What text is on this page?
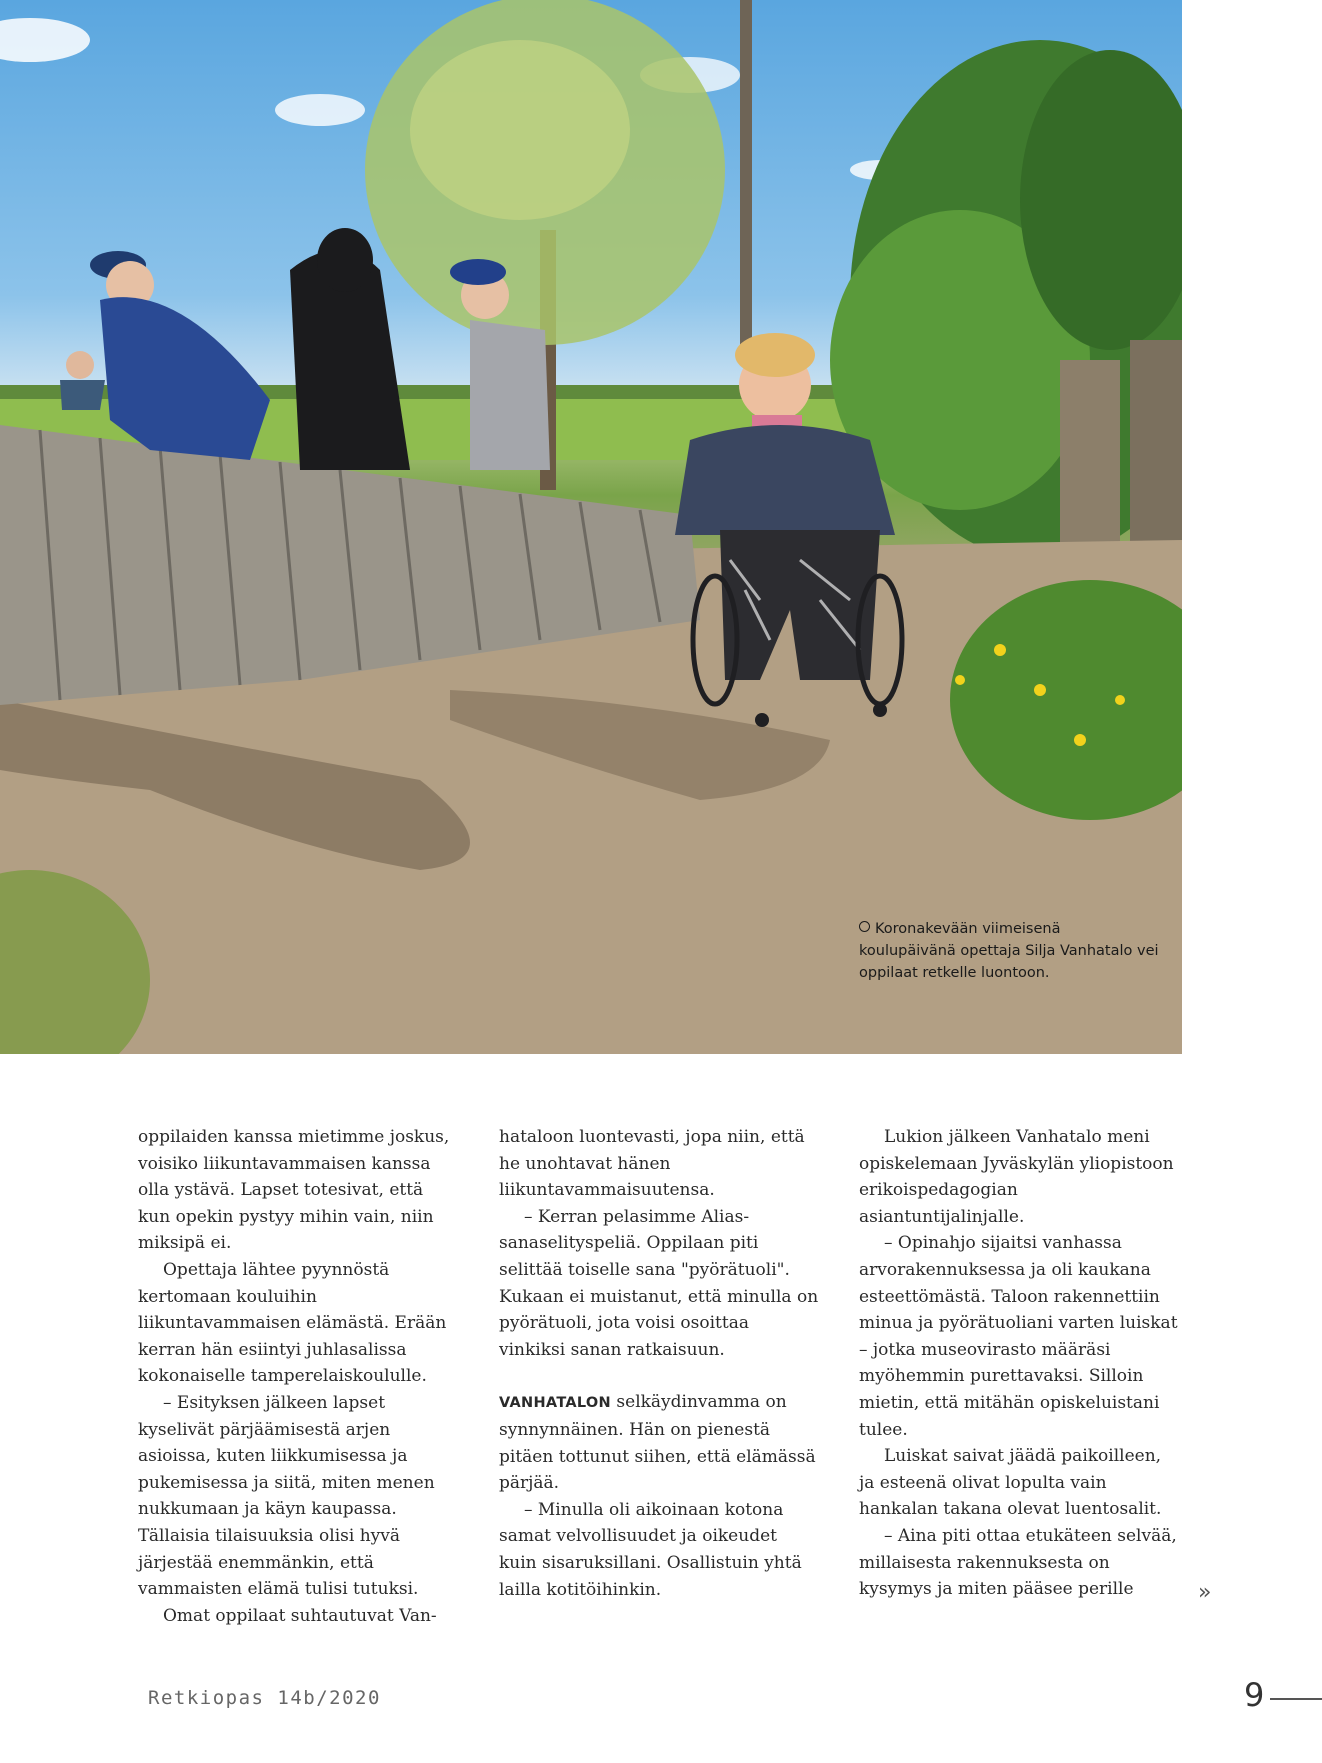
Koronakevään viimeisenä koulupäivänä opettaja Silja Vanhatalo vei oppilaat retkelle luontoon.

oppilaiden kanssa mietimme joskus, voisiko liikuntavammaisen kanssa olla ystävä. Lapset totesivat, että kun opekin pystyy mihin vain, niin miksipä ei.

Opettaja lähtee pyynnöstä kertomaan kouluihin liikuntavammaisen elämästä. Erään kerran hän esiintyi juhlasalissa kokonaiselle tamperelaiskoululle.

– Esityksen jälkeen lapset kyselivät pärjäämisestä arjen asioissa, kuten liikkumisessa ja pukemisessa ja siitä, miten menen nukkumaan ja käyn kaupassa. Tällaisia tilaisuuksia olisi hyvä järjestää enemmänkin, että vammaisten elämä tulisi tutuksi.

Omat oppilaat suhtautuvat Van-

hataloon luontevasti, jopa niin, että he unohtavat hänen liikuntavammaisuutensa.

– Kerran pelasimme Alias-sanaselityspeliä. Oppilaan piti selittää toiselle sana "pyörätuoli". Kukaan ei muistanut, että minulla on pyörätuoli, jota voisi osoittaa vinkiksi sanan ratkaisuun.

VANHATALON selkäydinvamma on synnynnäinen. Hän on pienestä pitäen tottunut siihen, että elämässä pärjää.

– Minulla oli aikoinaan kotona samat velvollisuudet ja oikeudet kuin sisaruksillani. Osallistuin yhtä lailla kotitöihinkin.

Lukion jälkeen Vanhatalo meni opiskelemaan Jyväskylän yliopistoon erikoispedagogian asiantuntijalinjalle.

– Opinahjo sijaitsi vanhassa arvorakennuksessa ja oli kaukana esteettömästä. Taloon rakennettiin minua ja pyörätuoliani varten luiskat – jotka museovirasto määräsi myöhemmin purettavaksi. Silloin mietin, että mitähän opiskeluistani tulee.

Luiskat saivat jäädä paikoilleen, ja esteenä olivat lopulta vain hankalan takana olevat luentosalit.

– Aina piti ottaa etukäteen selvää, millaisesta rakennuksesta on kysymys ja miten pääsee perille	»
Retkiopas 14b/2020	9
